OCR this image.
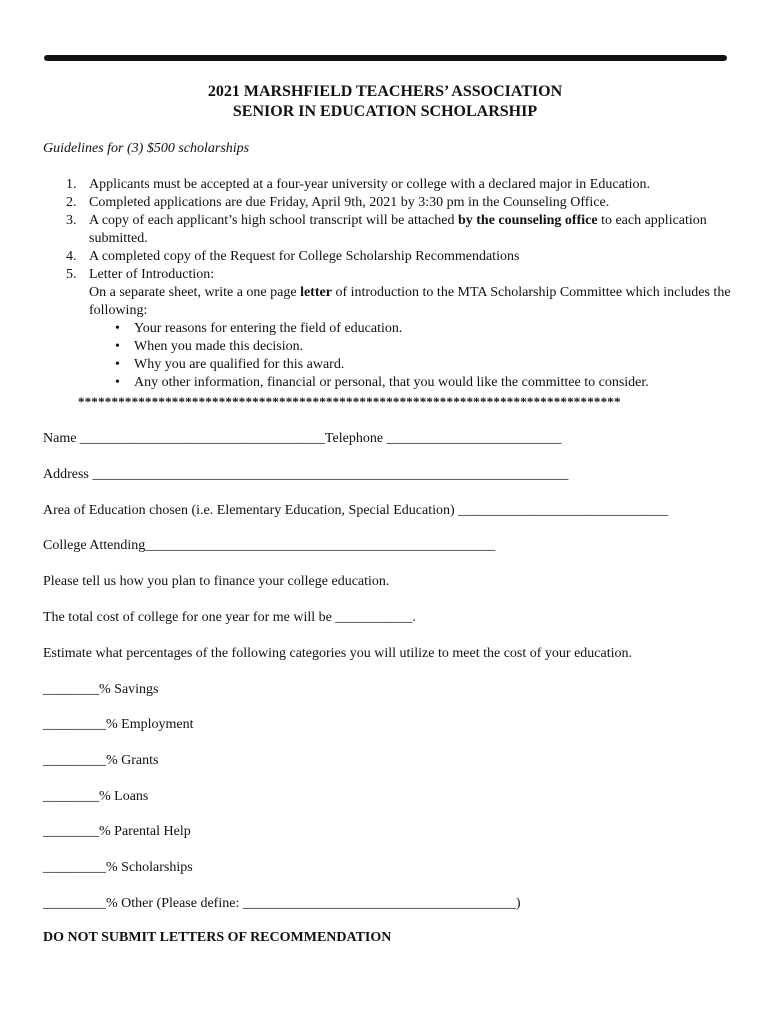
2021 MARSHFIELD TEACHERS’ ASSOCIATION
SENIOR IN EDUCATION SCHOLARSHIP
Guidelines for (3) $500 scholarships
1. Applicants must be accepted at a four-year university or college with a declared major in Education.
2. Completed applications are due Friday, April 9th, 2021 by 3:30 pm in the Counseling Office.
3. A copy of each applicant’s high school transcript will be attached by the counseling office to each application submitted.
4. A completed copy of the Request for College Scholarship Recommendations
5. Letter of Introduction:
On a separate sheet, write a one page letter of introduction to the MTA Scholarship Committee which includes the following:
• Your reasons for entering the field of education.
• When you made this decision.
• Why you are qualified for this award.
• Any other information, financial or personal, that you would like the committee to consider.
*********************************************************************************
Name ___________________________________Telephone _________________________
Address ____________________________________________________________________
Area of Education chosen (i.e. Elementary Education, Special Education) ______________________________
College Attending__________________________________________________
Please tell us how you plan to finance your college education.
The total cost of college for one year for me will be ___________.
Estimate what percentages of the following categories you will utilize to meet the cost of your education.
________% Savings
_________% Employment
_________% Grants
________% Loans
________% Parental Help
_________% Scholarships
_________% Other (Please define: _______________________________________)
DO NOT SUBMIT LETTERS OF RECOMMENDATION
